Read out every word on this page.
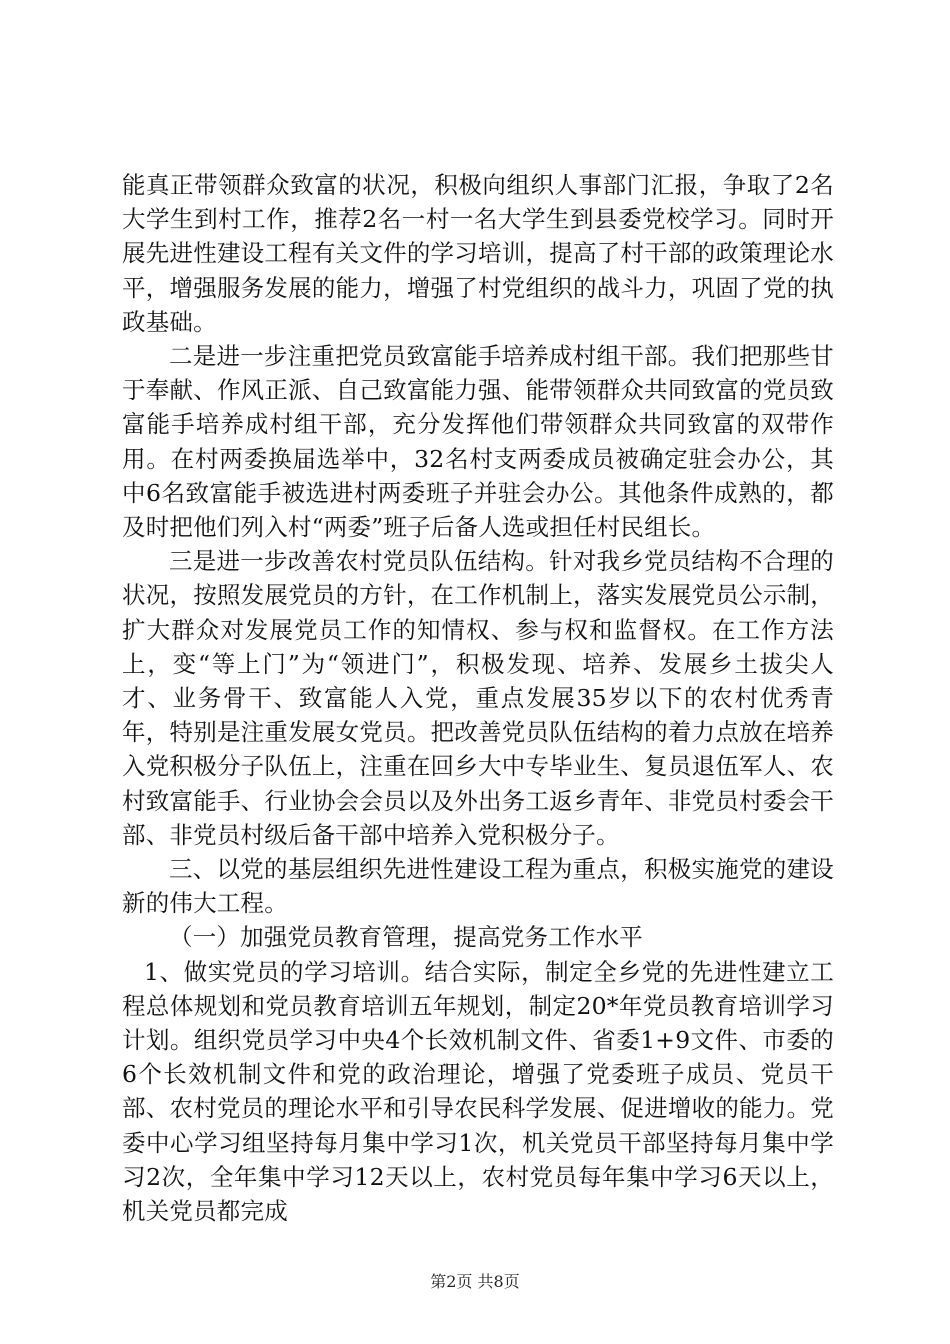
能真正带领群众致富的状况，积极向组织人事部门汇报，争取了2名大学生到村工作，推荐2名一村一名大学生到县委党校学习。同时开展先进性建设工程有关文件的学习培训，提高了村干部的政策理论水平，增强服务发展的能力，增强了村党组织的战斗力，巩固了党的执政基础。

二是进一步注重把党员致富能手培养成村组干部。我们把那些甘于奉献、作风正派、自己致富能力强、能带领群众共同致富的党员致富能手培养成村组干部，充分发挥他们带领群众共同致富的双带作用。在村两委换届选举中，32名村支两委成员被确定驻会办公，其中6名致富能手被选进村两委班子并驻会办公。其他条件成熟的，都及时把他们列入村“两委”班子后备人选或担任村民组长。

三是进一步改善农村党员队伍结构。针对我乡党员结构不合理的状况，按照发展党员的方针，在工作机制上，落实发展党员公示制，扩大群众对发展党员工作的知情权、参与权和监督权。在工作方法上，变“等上门”为“领进门”，积极发现、培养、发展乡土拔尖人才、业务骨干、致富能人入党，重点发展35岁以下的农村优秀青年，特别是注重发展女党员。把改善党员队伍结构的着力点放在培养入党积极分子队伍上，注重在回乡大中专毕业生、复员退伍军人、农村致富能手、行业协会会员以及外出务工返乡青年、非党员村委会干部、非党员村级后备干部中培养入党积极分子。

三、以党的基层组织先进性建设工程为重点，积极实施党的建设新的伟大工程。

（一）加强党员教育管理，提高党务工作水平

1、做实党员的学习培训。结合实际，制定全乡党的先进性建立工程总体规划和党员教育培训五年规划，制定20*年党员教育培训学习计划。组织党员学习中央4个长效机制文件、省委1+9文件、市委的6个长效机制文件和党的政治理论，增强了党委班子成员、党员干部、农村党员的理论水平和引导农民科学发展、促进增收的能力。党委中心学习组坚持每月集中学习1次，机关党员干部坚持每月集中学习2次，全年集中学习12天以上，农村党员每年集中学习6天以上，机关党员都完成

第2页 共8页
